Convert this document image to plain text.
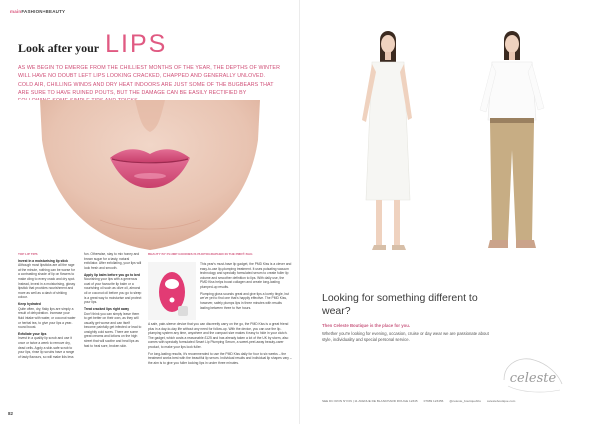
mainFASHION+BEAUTY
Look after your LIPS
AS WE BEGIN TO EMERGE FROM THE CHILLIEST MONTHS OF THE YEAR, THE DEPTHS OF WINTER WILL HAVE NO DOUBT LEFT LIPS LOOKING CRACKED, CHAPPED AND GENERALLY UNLOVED. COLD AIR, CHILLING WINDS AND DRY HEAT INDOORS ARE JUST SOME OF THE BUGBEARS THAT ARE SURE TO HAVE RUINED POUTS, BUT THE DAMAGE CAN BE EASILY RECTIFIED BY
TOP LIP TIPS
Invest in a moisturising lip stick

Although most lipsticks are all the rage at the minute, nothing can be worse for a contrasting shade of lip on flowers to make cling to every crack and dry spot. Instead, invest in a moisturising, glossy lipstick that provides nourishment and more as well as a dash of striking colour.

Keep hydrated

Quite often, dry, flaky lips are simply a result of dehydration. Increase your fluid intake with water, or coconut water or herbal tea, to give your lips a year-round boost.

Exfoliate your lips

Invest in a quality lip scrub and use it once or twice a week to remove dry, dead cells. Apply a skin-safe scrub to your lips, rinse lip scrubs have a range of tasty flavours, so will make lids less

fun. Otherwise, stay to mix honey and brown sugar for a tasty, natural exfoliator. After exfoliating, your lips will look fresh and smooth.

Apply lip balm before you go to bed

Nourishing your lips with a generous coat of your favourite lip balm or a nourishing oil such as olive oil, almond oil or coconut oil before you go to sleep is a great way to moisturise and protect your lips.

Treat cracked lips right away

Don't think you can simply leave them to get better on their own, as they will usually get worse and can itself become painfully get infected or lead to unsightly cold sores. There are some great creams and lotions on the high street that will soothe and heal lips as fast to heal sore, broken skin.

BEAUTY BY PLUMP GOODIES IS PHOTOGRAPHED IN THE PMD® BAG

This year's must-have lip gadget, the PMD Kiss is a clever and easy-to-use lip-plumping treatment. It uses pulsating vacuum technology and specially formulated serum to create fuller lip volume and smoother definition to lips. With daily use, the PMD Kiss helps boost collagen and create long-lasting plumped-up results.

Plumping gloss sounds great and give tips a lovely tingle, but we've yet to find one that's happily effective. The PMD Kiss, however, safely plumps lips in three minutes with results lasting between three to five hours.

A safe, pain-sleeve device that you can discreetly carry on the go, the PMD Kiss is a great friend plus in a day-to-day life without any need for follow-up. With the device, you can use the lip-plumping system any time, anywhere and the compact size makes it easy to hide in your clutch. The gadget, which costs a reasonable £125 and has already taken a lot of the UK by storm, also comes with specially formulated Smart Lip Plumping Serum, a sweet-peel-away beauty-carer product, to make your lips look fuller.

For long-lasting results, it's recommended to use the PMD Kiss daily for four to six weeks – the treatment works best with the beautiful lip serum. Individual results and individual lip shapes vary – the aim is to give you fuller looking lips in under three minutes.

82
Looking for something different to wear?
Then Celeste Boutique is the place for you.
Whether you're looking for evening, occasion, cruise or day wear we are passionate about style, individuality and special personal service.
celeste
SEE DC IRON NYON | 11 AVENUE DE BLANCHARD ROUGE 12345 07989 123456 @celeste_boutiquebbs celesteboutique.com
